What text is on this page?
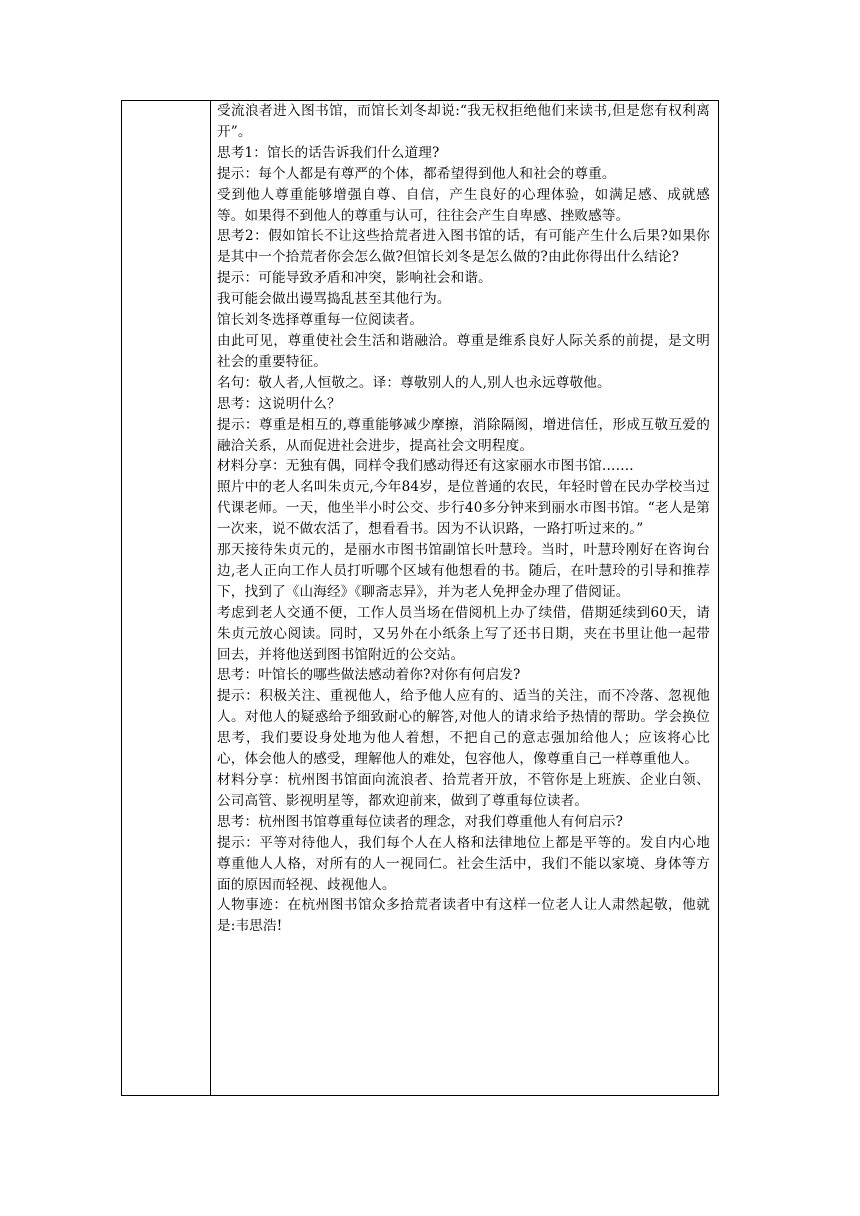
受流浪者进入图书馆，而馆长刘冬却说:“我无权拒绝他们来读书,但是您有权利离开”。

思考1：馆长的话告诉我们什么道理?

提示：每个人都是有尊严的个体，都希望得到他人和社会的尊重。

受到他人尊重能够增强自尊、自信，产生良好的心理体验，如满足感、成就感等。如果得不到他人的尊重与认可，往往会产生自卑感、挫败感等。

思考2：假如馆长不让这些拾荒者进入图书馆的话，有可能产生什么后果?如果你是其中一个拾荒者你会怎么做?但馆长刘冬是怎么做的?由此你得出什么结论?

提示：可能导致矛盾和冲突，影响社会和谐。

我可能会做出谩骂捣乱甚至其他行为。

馆长刘冬选择尊重每一位阅读者。

由此可见，尊重使社会生活和谐融洽。尊重是维系良好人际关系的前提，是文明社会的重要特征。

名句：敬人者,人恒敬之。译：尊敬别人的人,别人也永远尊敬他。

思考：这说明什么？

提示：尊重是相互的,尊重能够减少摩擦，消除隔阂，增进信任，形成互敬互爱的融洽关系，从而促进社会进步，提高社会文明程度。

材料分享：无独有偶，同样令我们感动得还有这家丽水市图书馆…….

照片中的老人名叫朱贞元,今年84岁，是位普通的农民，年轻时曾在民办学校当过代课老师。一天，他坐半小时公交、步行40多分钟来到丽水市图书馆。“老人是第一次来，说不做农活了，想看看书。因为不认识路，一路打听过来的。”

那天接待朱贞元的，是丽水市图书馆副馆长叶慧玲。当时，叶慧玲刚好在咨询台边,老人正向工作人员打听哪个区域有他想看的书。随后，在叶慧玲的引导和推荐下，找到了《山海经》《聊斋志异》，并为老人免押金办理了借阅证。

考虑到老人交通不便，工作人员当场在借阅机上办了续借，借期延续到60天，请朱贞元放心阅读。同时，又另外在小纸条上写了还书日期，夹在书里让他一起带回去，并将他送到图书馆附近的公交站。

思考：叶馆长的哪些做法感动着你?对你有何启发?

提示：积极关注、重视他人，给予他人应有的、适当的关注，而不冷落、忽视他人。对他人的疑惑给予细致耐心的解答,对他人的请求给予热情的帮助。学会换位思考，我们要设身处地为他人着想，不把自己的意志强加给他人；应该将心比心，体会他人的感受，理解他人的难处，包容他人，像尊重自己一样尊重他人。

材料分享：杭州图书馆面向流浪者、拾荒者开放，不管你是上班族、企业白领、公司高管、影视明星等，都欢迎前来，做到了尊重每位读者。

思考：杭州图书馆尊重每位读者的理念，对我们尊重他人有何启示?

提示：平等对待他人，我们每个人在人格和法律地位上都是平等的。发自内心地尊重他人人格，对所有的人一视同仁。社会生活中，我们不能以家境、身体等方面的原因而轻视、歧视他人。

人物事迹：在杭州图书馆众多拾荒者读者中有这样一位老人让人肃然起敬，他就是:韦思浩!
